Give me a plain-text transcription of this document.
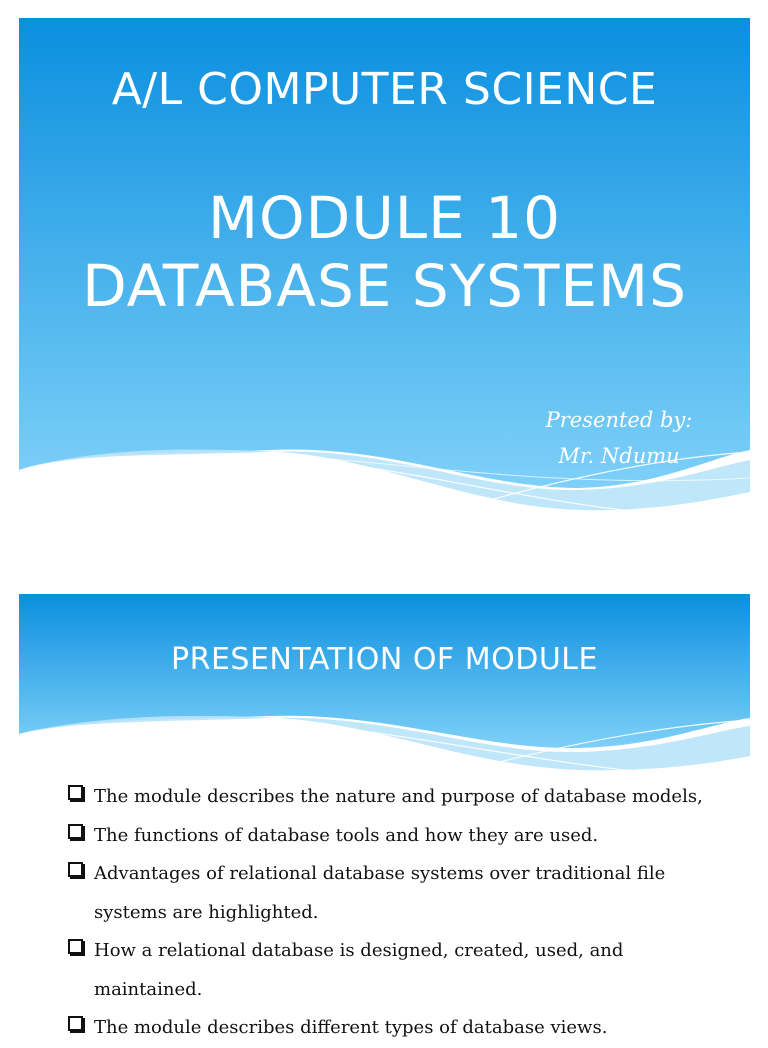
A/L COMPUTER SCIENCE
MODULE 10
DATABASE SYSTEMS
Presented by:
Mr. Ndumu
PRESENTATION OF MODULE
The module describes the nature and purpose of database models,
The functions of database tools and how they are used.
Advantages of relational database systems over traditional file systems are highlighted.
How a relational database is designed, created, used, and maintained.
The module describes different types of database views.
